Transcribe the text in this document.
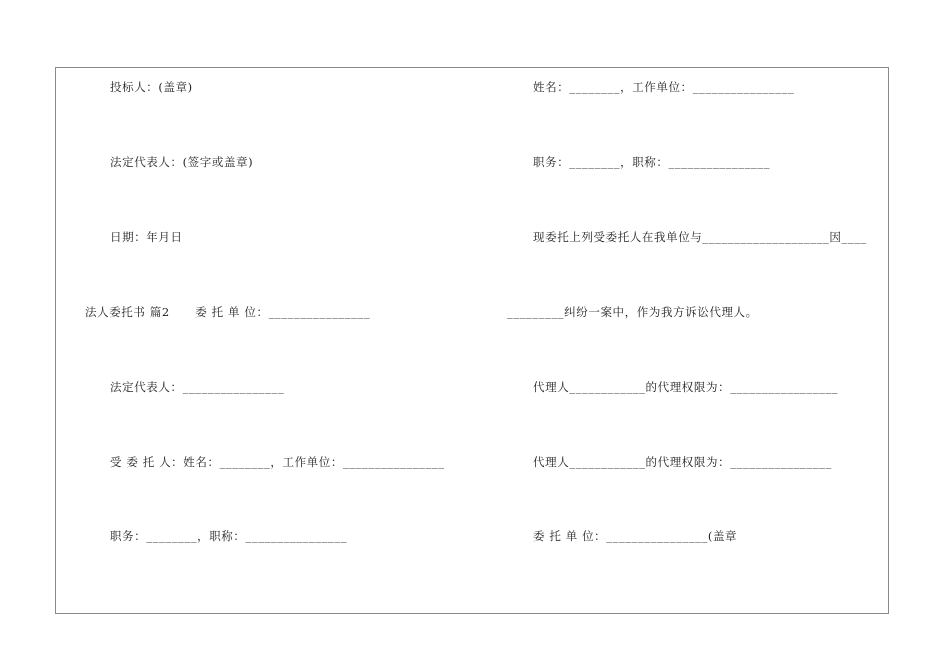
投标人：(盖章)
法定代表人：(签字或盖章)
日期：年月日
法人委托书 篇2      委 托 单 位：________________
法定代表人：________________
受 委 托 人：姓名：________，工作单位：________________
职务：________，职称：________________
姓名：________，工作单位：________________
职务：________，职称：________________
现委托上列受委托人在我单位与____________________因____
_________纠纷一案中，作为我方诉讼代理人。
代理人____________的代理权限为：_________________
代理人____________的代理权限为：________________
委 托 单 位：________________(盖章
